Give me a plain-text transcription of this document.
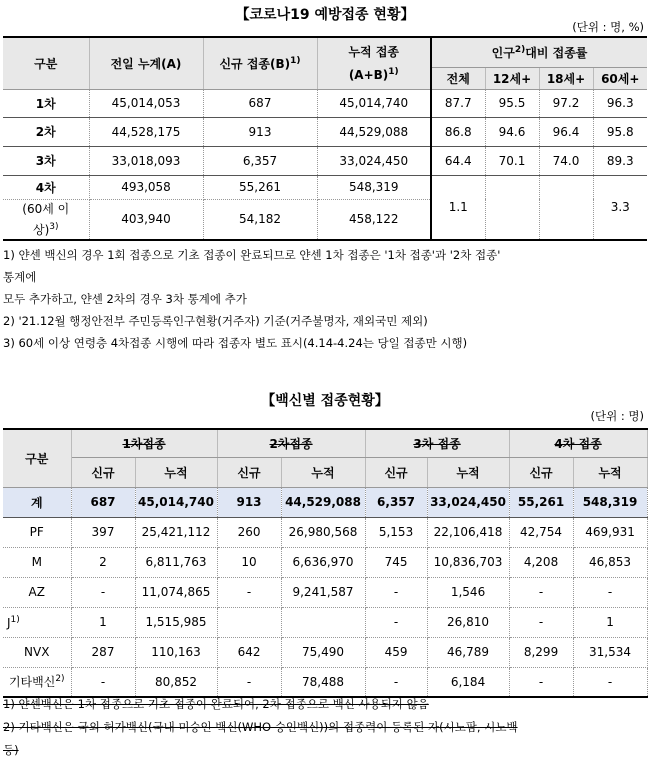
【코로나19 예방접종 현황】
(단위 : 명, %)
구분	전일 누계(A)	신규 접종$(B)^{1)}$	누적 접종
$(A+B)^{1)}$	인구$^{2)}$대비 접종률			
				전체	12세+	18세+	60세+
1차	45,014,053	687	45,014,740	87.7	95.5	97.2	96.3
2차	44,528,175	913	44,529,088	86.8	94.6	96.4	95.8
3차	33,018,093	6,357	33,024,450	64.4	70.1	74.0	89.3
4차	493,058	55,261	548,319	1.1			3.3
(60세 이
상)$^{3)}$	403,940	54,182	458,122				
1) 얀센 백신의 경우 1회 접종으로 기초 접종이 완료되므로 얀센 1차 접종은 '1차 접종'과 '2차 접종'
통계에
모두 추가하고, 얀센 2차의 경우 3차 통계에 추가
2) '21.12월 행정안전부 주민등록인구현황(거주자) 기준(거주불명자, 재외국민 제외)
3) 60세 이상 연령층 4차접종 시행에 따라 접종자 별도 표시(4.14-4.24는 당일 접종만 시행)
【백신별 접종현황】
(단위 : 명)
구분	1차접종		2차접종		3차 접종		4차 접종	
	신규	누적	신규	누적	신규	누적	신규	누적
계	687	45,014,740	913	44,529,088	6,357	33,024,450	55,261	548,319
PF	397	25,421,112	260	26,980,568	5,153	22,106,418	42,754	469,931
M	2	6,811,763	10	6,636,970	745	10,836,703	4,208	46,853
AZ	-	11,074,865	-	9,241,587	-	1,546	-	-
$J^{1)}$	1	1,515,985			-	26,810	-	1
NVX	287	110,163	642	75,490	459	46,789	8,299	31,534
기타백신$^{2)}$	-	80,852	-	78,488	-	6,184	-	-
1) 얀센백신은 1차 접종으로 기초 접종이 완료되어, 2차 접종으로 백신 사용되지 않음
2) 기타백신은 국외 허가백신(국내 미승인 백신(WHO 승인백신))의 접종력이 등록된 자(시노팜, 시노백
등)
